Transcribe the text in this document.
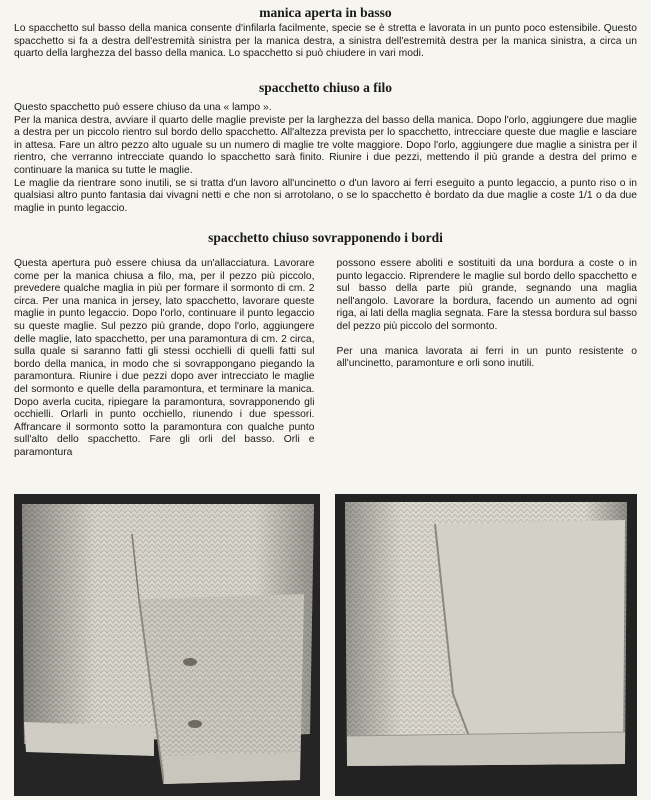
manica aperta in basso

Lo spacchetto sul basso della manica consente d'infilarla facilmente, specie se è stretta e lavorata in un punto poco estensibile. Questo spacchetto si fa a destra dell'estremità sinistra per la manica destra, a sinistra dell'estremità destra per la manica sinistra, a circa un quarto della larghezza del basso della manica. Lo spacchetto si può chiudere in vari modi.

spacchetto chiuso a filo

Questo spacchetto può essere chiuso da una « lampo ».

Per la manica destra, avviare il quarto delle maglie previste per la larghezza del basso della manica. Dopo l'orlo, aggiungere due maglie a destra per un piccolo rientro sul bordo dello spacchetto. All'altezza prevista per lo spacchetto, intrecciare queste due maglie e lasciare in attesa. Fare un altro pezzo alto uguale su un numero di maglie tre volte maggiore. Dopo l'orlo, aggiungere due maglie a sinistra per il rientro, che verranno intrecciate quando lo spacchetto sarà finito. Riunire i due pezzi, mettendo il più grande a destra del primo e continuare la manica su tutte le maglie.

Le maglie da rientrare sono inutili, se si tratta d'un lavoro all'uncinetto o d'un lavoro ai ferri eseguito a punto legaccio, a punto riso o in qualsiasi altro punto fantasia dai vivagni netti e che non si arrotolano, o se lo spacchetto è bordato da due maglie a coste 1/1 o da due maglie in punto legaccio.

spacchetto chiuso sovrapponendo i bordi

Questa apertura può essere chiusa da un'allacciatura. Lavorare come per la manica chiusa a filo, ma, per il pezzo più piccolo, prevedere qualche maglia in più per formare il sormonto di cm. 2 circa. Per una manica in jersey, lato spacchetto, lavorare queste maglie in punto legaccio. Dopo l'orlo, continuare il punto legaccio su queste maglie. Sul pezzo più grande, dopo l'orlo, aggiungere delle maglie, lato spacchetto, per una paramontura di cm. 2 circa, sulla quale si saranno fatti gli stessi occhielli di quelli fatti sul bordo della manica, in modo che si sovrappongano piegando la paramontura. Riunire i due pezzi dopo aver intrecciato le maglie del sormonto e quelle della paramontura, et terminare la manica. Dopo averla cucita, ripiegare la paramontura, sovrapponendo gli occhielli. Orlarli in punto occhiello, riunendo i due spessori. Affrancare il sormonto sotto la paramontura con qualche punto sull'alto dello spacchetto. Fare gli orli del basso. Orli e paramontura

possono essere aboliti e sostituiti da una bordura a coste o in punto legaccio. Riprendere le maglie sul bordo dello spacchetto e sul basso della parte più grande, segnando una maglia nell'angolo. Lavorare la bordura, facendo un aumento ad ogni riga, ai lati della maglia segnata. Fare la stessa bordura sul basso del pezzo più piccolo del sormonto.

Per una manica lavorata ai ferri in un punto resistente o all'uncinetto, paramonture e orli sono inutili.
